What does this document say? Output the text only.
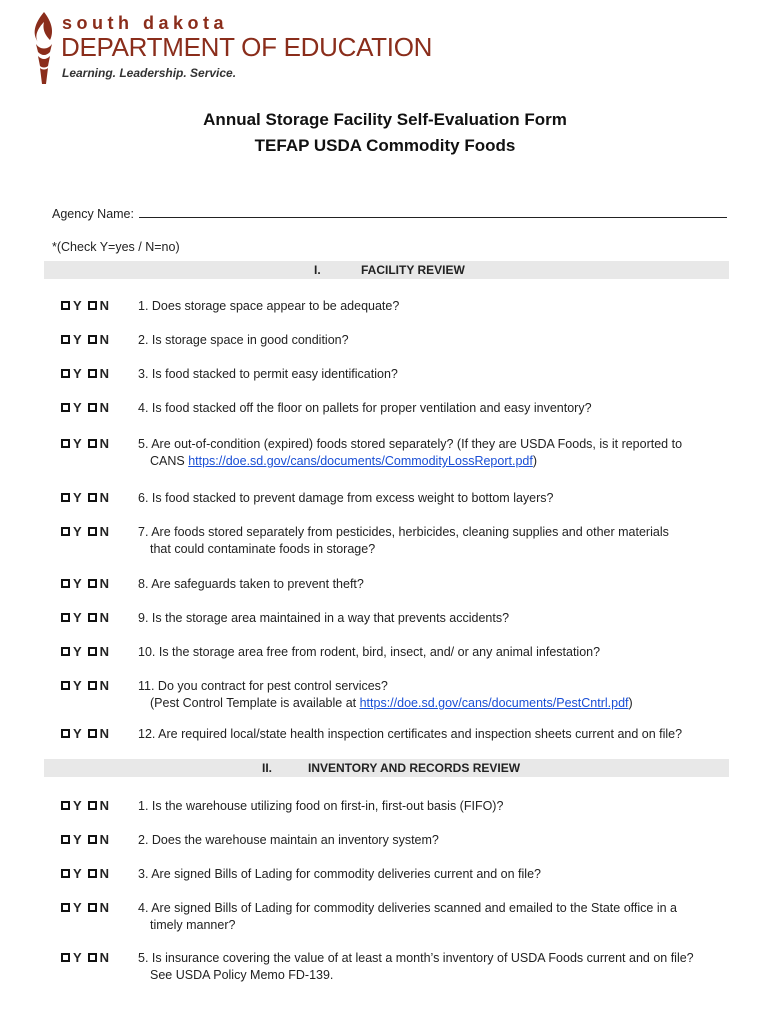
south dakota
DEPARTMENT OF EDUCATION
Learning. Leadership. Service.
Annual Storage Facility Self-Evaluation Form
TEFAP USDA Commodity Foods
Agency Name:
*(Check Y=yes / N=no)
I.	FACILITY REVIEW
II.	INVENTORY AND RECORDS REVIEW
Y N 1. Does storage space appear to be adequate?
Y N 2. Is storage space in good condition?
Y N 3. Is food stacked to permit easy identification?
Y N 4. Is food stacked off the floor on pallets for proper ventilation and easy inventory?
Y N 5. Are out-of-condition (expired) foods stored separately? (If they are USDA Foods, is it reported to
CANS https://doe.sd.gov/cans/documents/CommodityLossReport.pdf)
Y N 6. Is food stacked to prevent damage from excess weight to bottom layers?
Y N 7. Are foods stored separately from pesticides, herbicides, cleaning supplies and other materials
that could contaminate foods in storage?
Y N 8. Are safeguards taken to prevent theft?
Y N 9. Is the storage area maintained in a way that prevents accidents?
Y N 10. Is the storage area free from rodent, bird, insect, and/ or any animal infestation?
Y N 11. Do you contract for pest control services?
(Pest Control Template is available at https://doe.sd.gov/cans/documents/PestCntrl.pdf)
Y N 12. Are required local/state health inspection certificates and inspection sheets current and on file?
Y N 1. Is the warehouse utilizing food on first-in, first-out basis (FIFO)?
Y N 2. Does the warehouse maintain an inventory system?
Y N 3. Are signed Bills of Lading for commodity deliveries current and on file?
Y N 4. Are signed Bills of Lading for commodity deliveries scanned and emailed to the State office in a
timely manner?
Y N 5. Is insurance covering the value of at least a month’s inventory of USDA Foods current and on file?
See USDA Policy Memo FD-139.
